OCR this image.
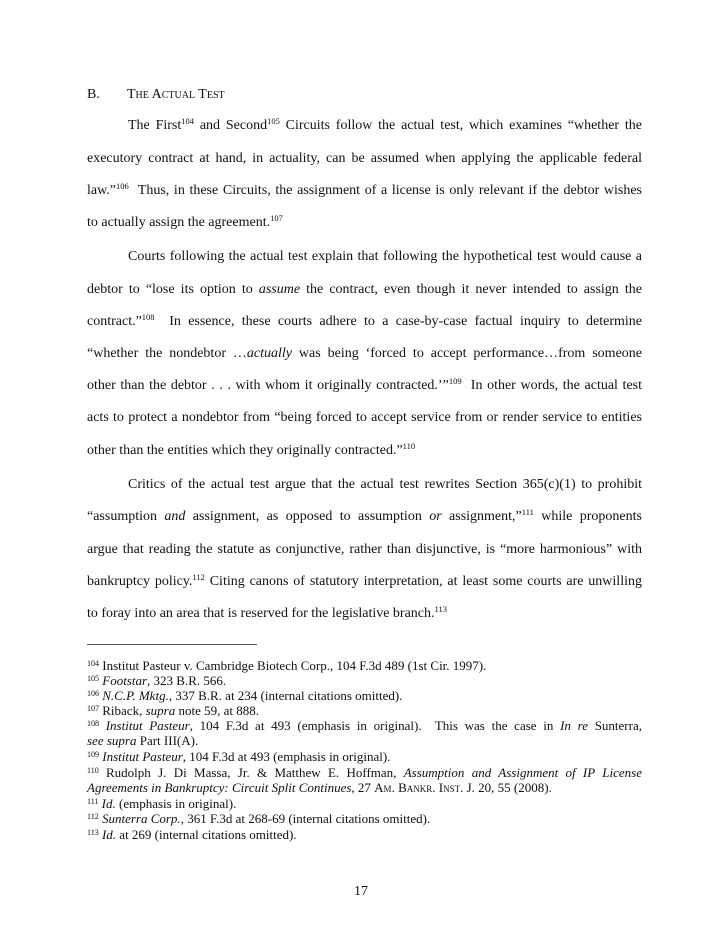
B. The Actual Test
The First$^{104}$ and Second$^{105}$ Circuits follow the actual test, which examines “whether the
executory contract at hand, in actuality, can be assumed when applying the applicable federal
law.”$^{106}$  Thus, in these Circuits, the assignment of a license is only relevant if the debtor wishes
to actually assign the agreement.$^{107}$
Courts following the actual test explain that following the hypothetical test would cause a
debtor to “lose its option to assume the contract, even though it never intended to assign the
contract.”$^{108}$  In essence, these courts adhere to a case-by-case factual inquiry to determine
“whether the nondebtor …actually was being ‘forced to accept performance…from someone
other than the debtor . . . with whom it originally contracted.’”$^{109}$  In other words, the actual test
acts to protect a nondebtor from “being forced to accept service from or render service to entities
other than the entities which they originally contracted.”$^{110}$
Critics of the actual test argue that the actual test rewrites Section 365(c)(1) to prohibit
“assumption and assignment, as opposed to assumption or assignment,”$^{111}$ while proponents
argue that reading the statute as conjunctive, rather than disjunctive, is “more harmonious” with
bankruptcy policy.$^{112}$ Citing canons of statutory interpretation, at least some courts are unwilling
to foray into an area that is reserved for the legislative branch.$^{113}$
$^{104}$ Institut Pasteur v. Cambridge Biotech Corp., 104 F.3d 489 (1st Cir. 1997).
$^{105}$ Footstar, 323 B.R. 566.
$^{106}$ N.C.P. Mktg., 337 B.R. at 234 (internal citations omitted).
$^{107}$ Riback, supra note 59, at 888.
$^{108}$ Institut Pasteur, 104 F.3d at 493 (emphasis in original).  This was the case in In re Sunterra,
see supra Part III(A).
$^{109}$ Institut Pasteur, 104 F.3d at 493 (emphasis in original).
$^{110}$ Rudolph J. Di Massa, Jr. & Matthew E. Hoffman, Assumption and Assignment of IP License
Agreements in Bankruptcy: Circuit Split Continues, 27 Am. Bankr. Inst. J. 20, 55 (2008).
$^{111}$ Id. (emphasis in original).
$^{112}$ Sunterra Corp., 361 F.3d at 268-69 (internal citations omitted).
$^{113}$ Id. at 269 (internal citations omitted).
17
